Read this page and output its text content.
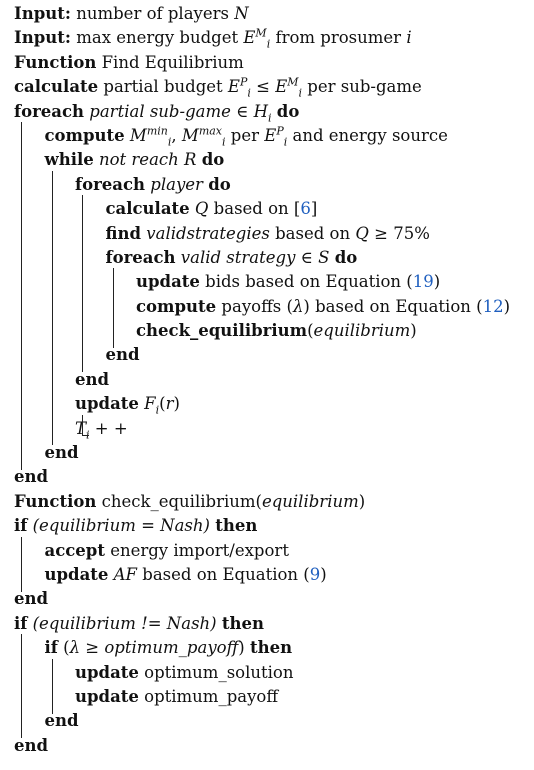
Input: number of players N
Input: max energy budget $E^M_i$ from prosumer i
Function Find Equilibrium
calculate partial budget $E^P_i \le E^M_i$ per sub-game
foreach partial sub-game ∈ $H_i$ do
compute $M^{min}_i$, $M^{max}_i$ per $E^P_i$ and energy source
while not reach R do
foreach player do
calculate Q based on [6]
find validstrategies based on Q ≥ 75%
foreach valid strategy ∈ S do
update bids based on Equation (19)
compute payoffs (λ) based on Equation (12)
check_equilibrium(equilibrium)
end
end
update $F_i(r)$
$T_i$ + +
end
end
Function check_equilibrium(equilibrium)
if (equilibrium = Nash) then
accept energy import/export
update AF based on Equation (9)
end
if (equilibrium != Nash) then
if (λ ≥ optimum_payoff) then
update optimum_solution
update optimum_payoff
end
end
